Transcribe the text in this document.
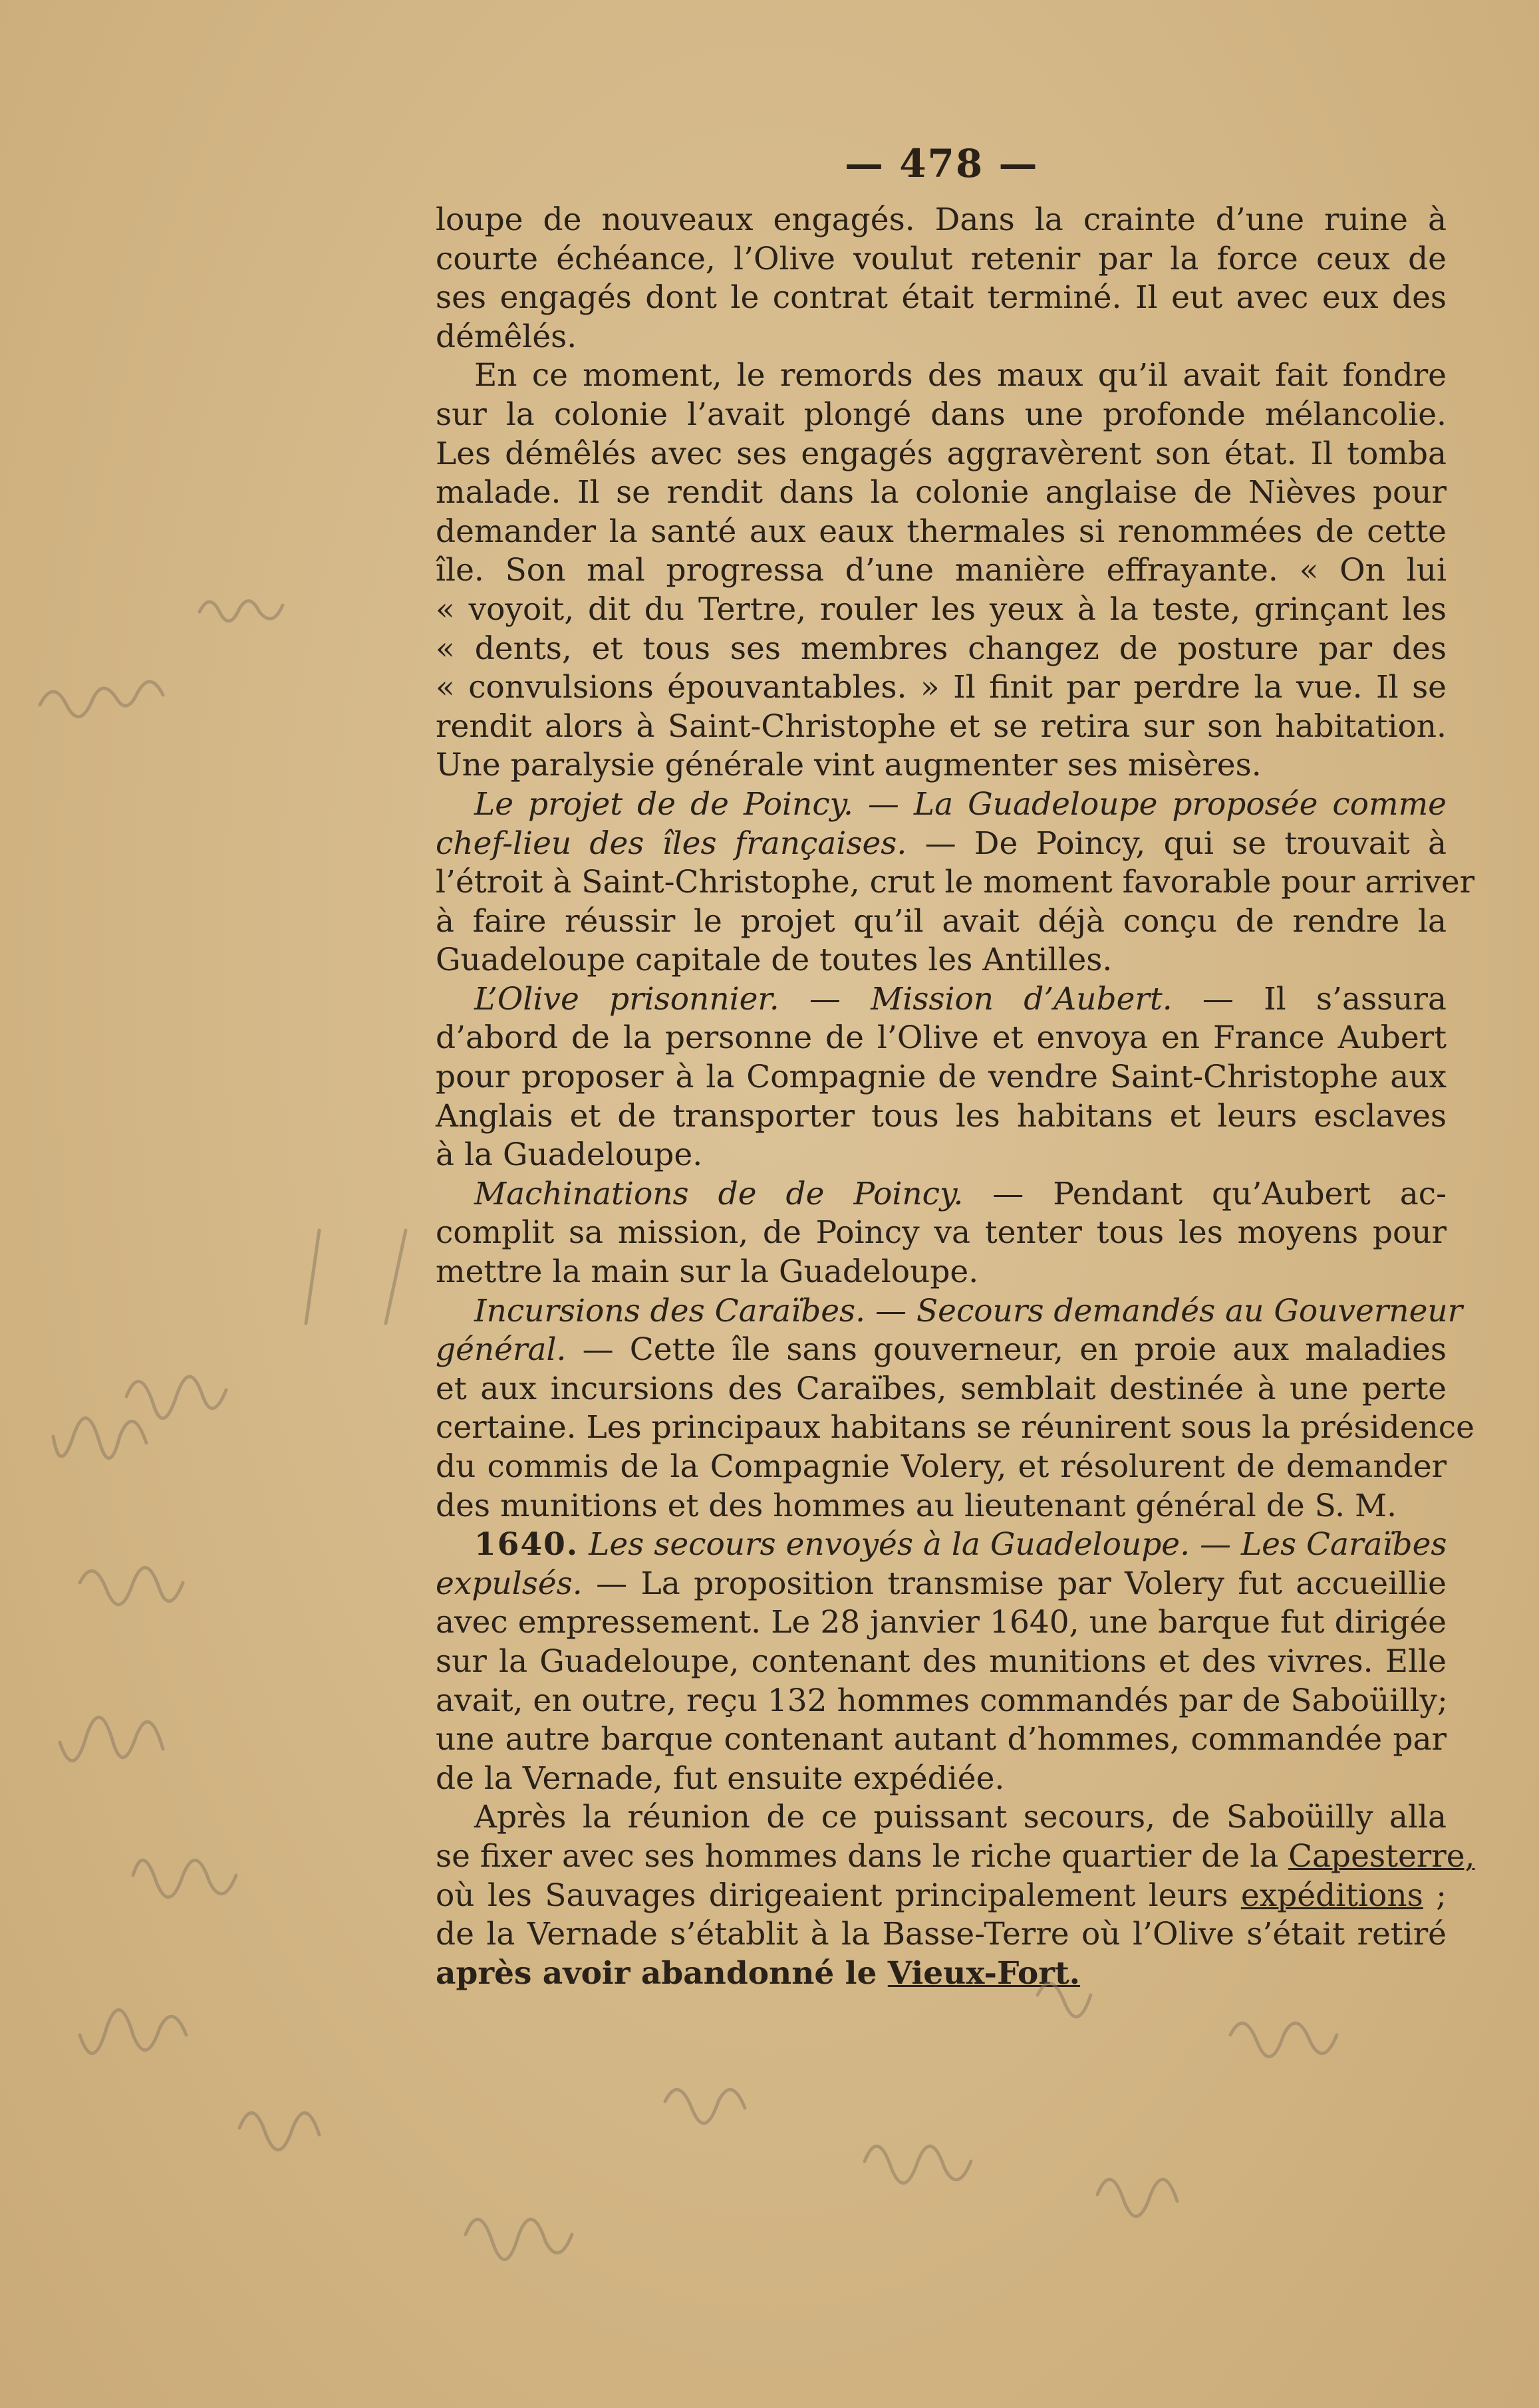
— 478 —
loupe de nouveaux engagés. Dans la crainte d’une ruine à
courte échéance, l’Olive voulut retenir par la force ceux de
ses engagés dont le contrat était terminé. Il eut avec eux des
démêlés.
En ce moment, le remords des maux qu’il avait fait fondre
sur la colonie l’avait plongé dans une profonde mélancolie.
Les démêlés avec ses engagés aggravèrent son état. Il tomba
malade. Il se rendit dans la colonie anglaise de Nièves pour
demander la santé aux eaux thermales si renommées de cette
île. Son mal progressa d’une manière effrayante. « On lui
« voyoit, dit du Tertre, rouler les yeux à la teste, grinçant les
« dents, et tous ses membres changez de posture par des
« convulsions épouvantables. » Il finit par perdre la vue. Il se
rendit alors à Saint-Christophe et se retira sur son habitation.
Une paralysie générale vint augmenter ses misères.
Le projet de de Poincy. — La Guadeloupe proposée comme
chef-lieu des îles françaises. — De Poincy, qui se trouvait à
l’étroit à Saint-Christophe, crut le moment favorable pour arriver
à faire réussir le projet qu’il avait déjà conçu de rendre la
Guadeloupe capitale de toutes les Antilles.
L’Olive prisonnier. — Mission d’Aubert. — Il s’assura
d’abord de la personne de l’Olive et envoya en France Aubert
pour proposer à la Compagnie de vendre Saint-Christophe aux
Anglais et de transporter tous les habitans et leurs esclaves
à la Guadeloupe.
Machinations de de Poincy. — Pendant qu’Aubert ac-
complit sa mission, de Poincy va tenter tous les moyens pour
mettre la main sur la Guadeloupe.
Incursions des Caraïbes. — Secours demandés au Gouverneur
général. — Cette île sans gouverneur, en proie aux maladies
et aux incursions des Caraïbes, semblait destinée à une perte
certaine. Les principaux habitans se réunirent sous la présidence
du commis de la Compagnie Volery, et résolurent de demander
des munitions et des hommes au lieutenant général de S. M.
1640. Les secours envoyés à la Guadeloupe. — Les Caraïbes
expulsés. — La proposition transmise par Volery fut accueillie
avec empressement. Le 28 janvier 1640, une barque fut dirigée
sur la Guadeloupe, contenant des munitions et des vivres. Elle
avait, en outre, reçu 132 hommes commandés par de Saboüilly;
une autre barque contenant autant d’hommes, commandée par
de la Vernade, fut ensuite expédiée.
Après la réunion de ce puissant secours, de Saboüilly alla
se fixer avec ses hommes dans le riche quartier de la Capesterre,
où les Sauvages dirigeaient principalement leurs expéditions ;
de la Vernade s’établit à la Basse-Terre où l’Olive s’était retiré
après avoir abandonné le Vieux-Fort.
